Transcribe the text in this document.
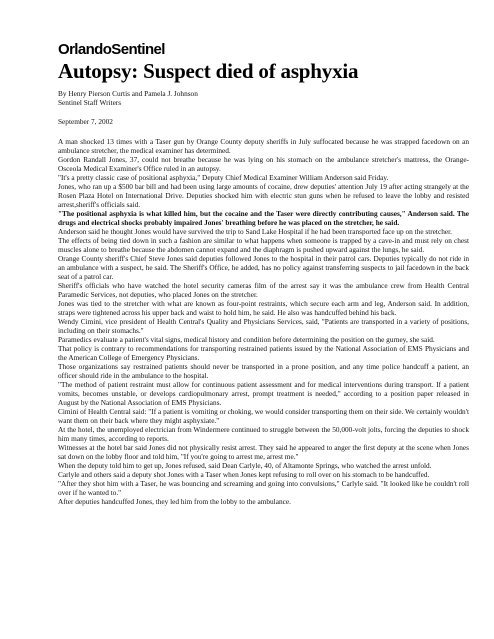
OrlandoSentinel
Autopsy: Suspect died of asphyxia

By Henry Pierson Curtis and Pamela J. Johnson

Sentinel Staff Writers

September 7, 2002

A man shocked 13 times with a Taser gun by Orange County deputy sheriffs in July suffocated because he was strapped facedown on an ambulance stretcher, the medical examiner has determined.

Gordon Randall Jones, 37, could not breathe because he was lying on his stomach on the ambulance stretcher's mattress, the Orange-Osceola Medical Examiner's Office ruled in an autopsy.

"It's a pretty classic case of positional asphyxia," Deputy Chief Medical Examiner William Anderson said Friday.

Jones, who ran up a $500 bar bill and had been using large amounts of cocaine, drew deputies' attention July 19 after acting strangely at the Rosen Plaza Hotel on International Drive. Deputies shocked him with electric stun guns when he refused to leave the lobby and resisted arrest,sheriff's officials said.

"The positional asphyxia is what killed him, but the cocaine and the Taser were directly contributing causes," Anderson said. The drugs and electrical shocks probably impaired Jones' breathing before he was placed on the stretcher, he said.

Anderson said he thought Jones would have survived the trip to Sand Lake Hospital if he had been transported face up on the stretcher.

The effects of being tied down in such a fashion are similar to what happens when someone is trapped by a cave-in and must rely on chest muscles alone to breathe because the abdomen cannot expand and the diaphragm is pushed upward against the lungs, he said.

Orange County sheriff's Chief Steve Jones said deputies followed Jones to the hospital in their patrol cars. Deputies typically do not ride in an ambulance with a suspect, he said. The Sheriff's Office, he added, has no policy against transferring suspects to jail facedown in the back seat of a patrol car.

Sheriff's officials who have watched the hotel security cameras film of the arrest say it was the ambulance crew from Health Central Paramedic Services, not deputies, who placed Jones on the stretcher.

Jones was tied to the stretcher with what are known as four-point restraints, which secure each arm and leg, Anderson said. In addition, straps were tightened across his upper back and waist to hold him, he said. He also was handcuffed behind his back.

Wendy Cimini, vice president of Health Central's Quality and Physicians Services, said, "Patients are transported in a variety of positions, including on their stomachs."

Paramedics evaluate a patient's vital signs, medical history and condition before determining the position on the gurney, she said.

That policy is contrary to recommendations for transporting restrained patients issued by the National Association of EMS Physicians and the American College of Emergency Physicians.

Those organizations say restrained patients should never be transported in a prone position, and any time police handcuff a patient, an officer should ride in the ambulance to the hospital.

"The method of patient restraint must allow for continuous patient assessment and for medical interventions during transport. If a patient vomits, becomes unstable, or develops cardiopulmonary arrest, prompt treatment is needed," according to a position paper released in August by the National Association of EMS Physicians.

Cimini of Health Central said: "If a patient is vomiting or choking, we would consider transporting them on their side. We certainly wouldn't want them on their back where they might asphyxiate."

At the hotel, the unemployed electrician from Windermere continued to struggle between the 50,000-volt jolts, forcing the deputies to shock him many times, according to reports.

Witnesses at the hotel bar said Jones did not physically resist arrest. They said he appeared to anger the first deputy at the scene when Jones sat down on the lobby floor and told him, "If you're going to arrest me, arrest me."

When the deputy told him to get up, Jones refused, said Dean Carlyle, 40, of Altamonte Springs, who watched the arrest unfold.

Carlyle and others said a deputy shot Jones with a Taser when Jones kept refusing to roll over on his stomach to be handcuffed.

"After they shot him with a Taser, he was bouncing and screaming and going into convulsions," Carlyle said. "It looked like he couldn't roll over if he wanted to."

After deputies handcuffed Jones, they led him from the lobby to the ambulance.
